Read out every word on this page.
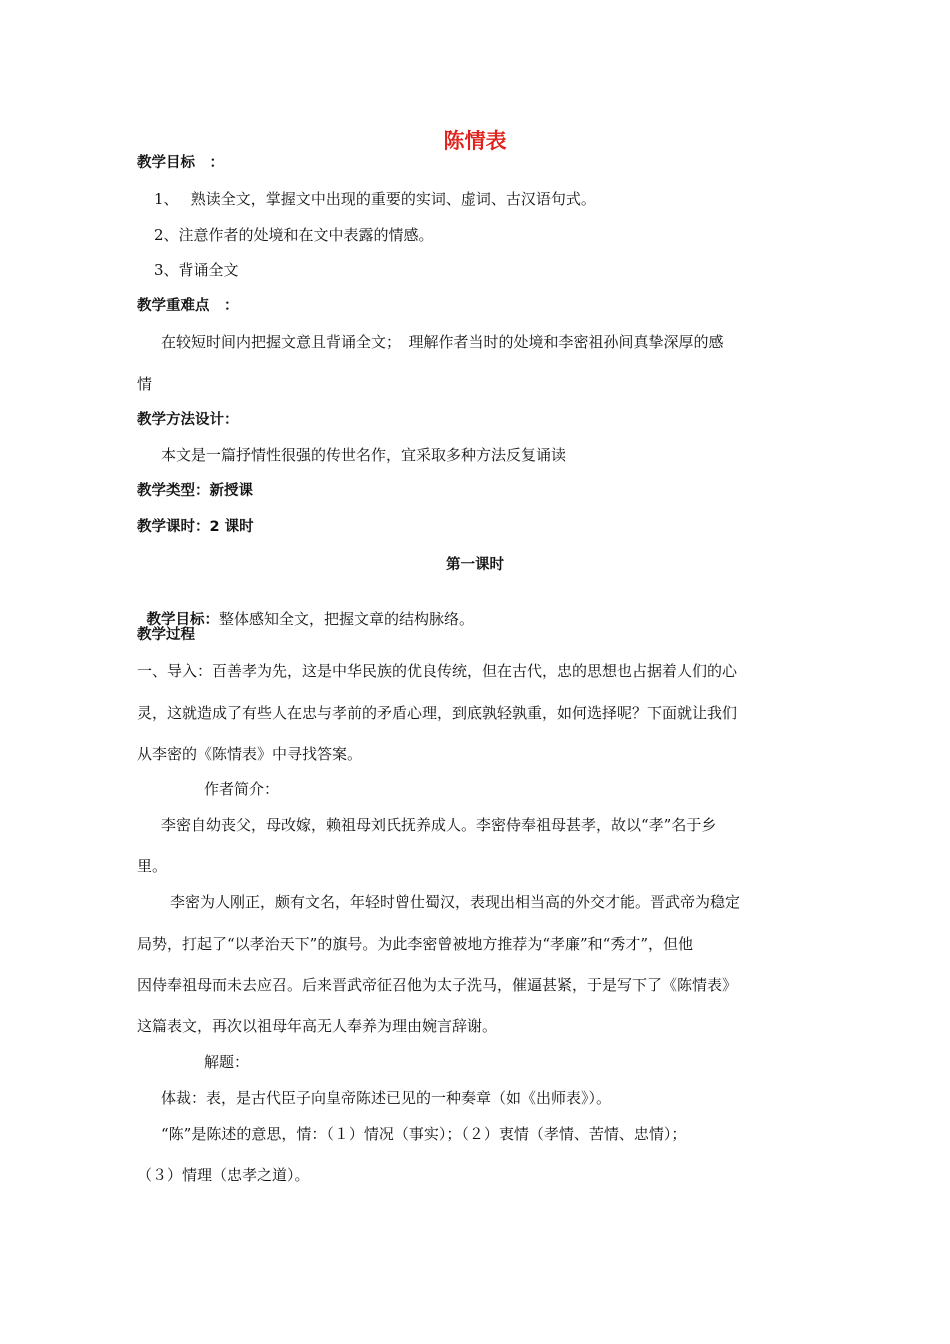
陈情表
教学目标　：
1、　 熟读全文，掌握文中出现的重要的实词、虚词、古汉语句式。
2、注意作者的处境和在文中表露的情感。
3、背诵全文
教学重难点　：
在较短时间内把握文意且背诵全文；　理解作者当时的处境和李密祖孙间真挚深厚的感
情
教学方法设计：
本文是一篇抒情性很强的传世名作，宜采取多种方法反复诵读
教学类型：新授课
教学课时：2 课时
第一课时

教学目标：整体感知全文，把握文章的结构脉络。

教学过程
一、导入：百善孝为先，这是中华民族的优良传统，但在古代，忠的思想也占据着人们的心
灵，这就造成了有些人在忠与孝前的矛盾心理，到底孰轻孰重，如何选择呢？下面就让我们
从李密的《陈情表》中寻找答案。
作者简介：
李密自幼丧父，母改嫁，赖祖母刘氏抚养成人。李密侍奉祖母甚孝，故以“孝”名于乡
里。
李密为人刚正，颇有文名，年轻时曾仕蜀汉，表现出相当高的外交才能。晋武帝为稳定
局势，打起了“以孝治天下”的旗号。为此李密曾被地方推荐为“孝廉”和“秀才”，但他
因侍奉祖母而未去应召。后来晋武帝征召他为太子洗马，催逼甚紧，于是写下了《陈情表》
这篇表文，再次以祖母年高无人奉养为理由婉言辞谢。
解题：
体裁：表，是古代臣子向皇帝陈述已见的一种奏章（如《出师表》）。
“陈”是陈述的意思，情：（１）情况（事实）；（２）衷情（孝情、苦情、忠情）；
（３）情理（忠孝之道）。
